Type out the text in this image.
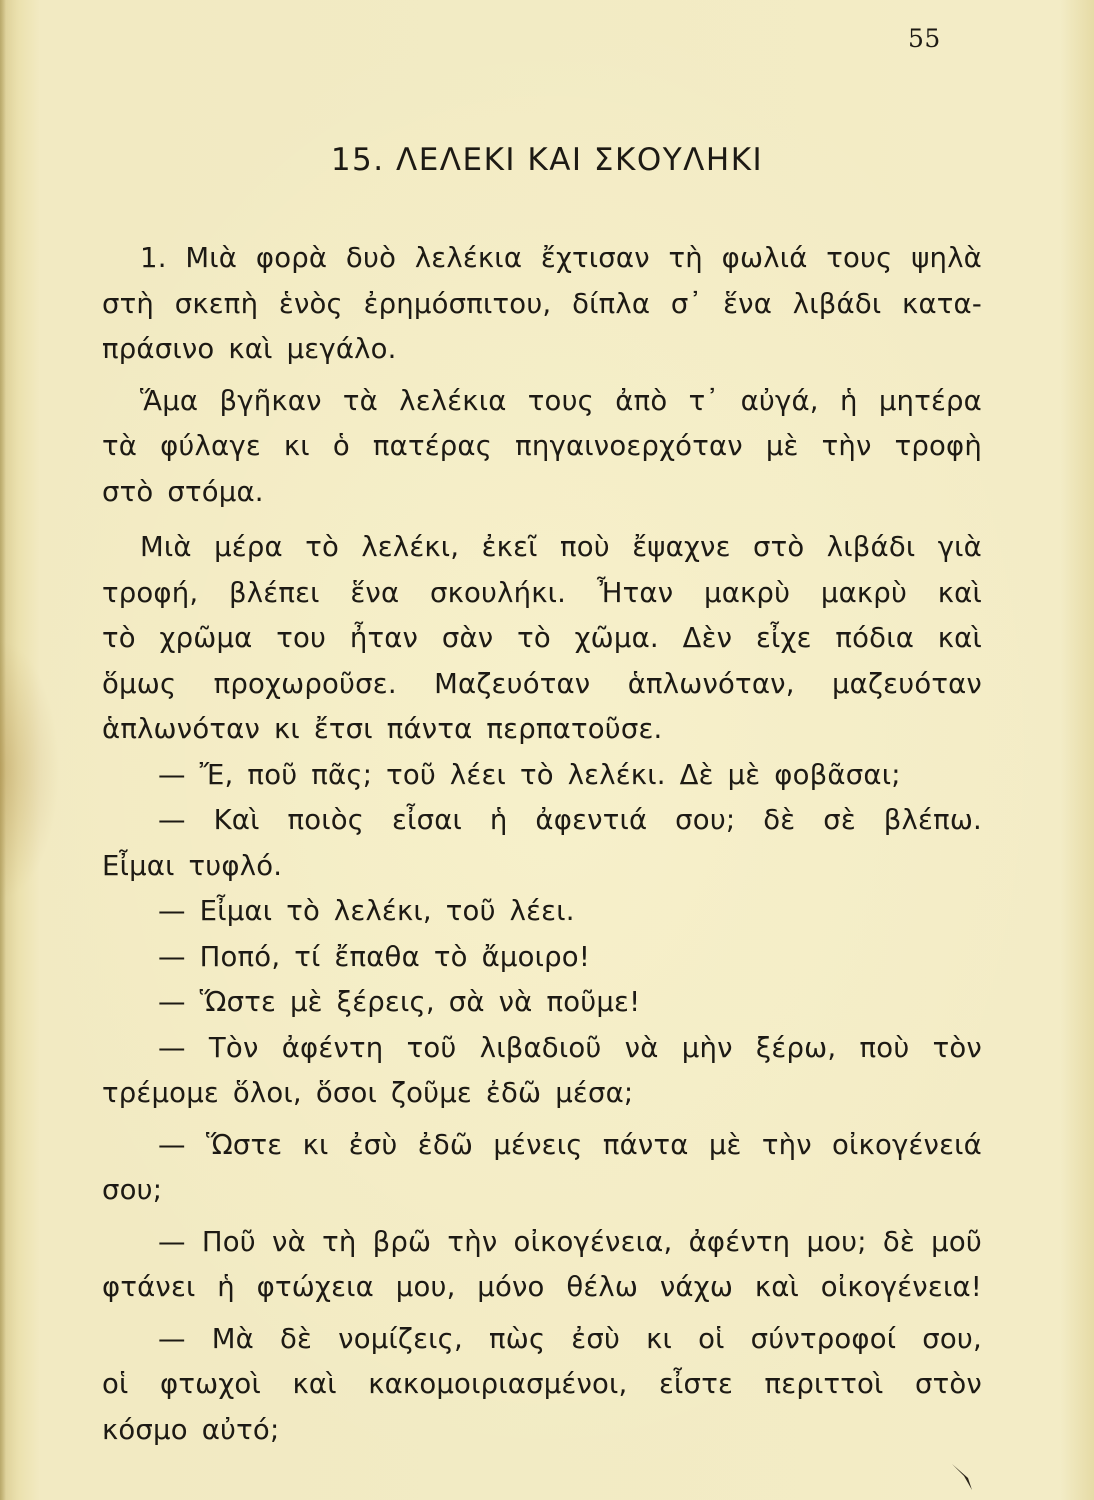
55
15. ΛΕΛΕΚΙ ΚΑΙ ΣΚΟΥΛΗΚΙ
1. Μιὰ φορὰ δυὸ λελέκια ἔχτισαν τὴ φωλιά τους ψηλὰ
στὴ σκεπὴ ἑνὸς ἐρημόσπιτου, δίπλα σ᾿ ἕνα λιβάδι κατα-
πράσινο καὶ μεγάλο.
Ἅμα βγῆκαν τὰ λελέκια τους ἀπὸ τ᾿ αὐγά, ἡ μητέρα
τὰ φύλαγε κι ὁ πατέρας πηγαινοερχόταν μὲ τὴν τροφὴ
στὸ στόμα.
Μιὰ μέρα τὸ λελέκι, ἐκεῖ ποὺ ἔψαχνε στὸ λιβάδι γιὰ
τροφή, βλέπει ἕνα σκουλήκι. Ἦταν μακρὺ μακρὺ καὶ
τὸ χρῶμα του ἦταν σὰν τὸ χῶμα. Δὲν εἶχε πόδια καὶ
ὅμως προχωροῦσε. Μαζευόταν ἁπλωνόταν, μαζευόταν
ἁπλωνόταν κι ἔτσι πάντα περπατοῦσε.
— Ἔ, ποῦ πᾶς; τοῦ λέει τὸ λελέκι. Δὲ μὲ φοβᾶσαι;
— Καὶ ποιὸς εἶσαι ἡ ἀφεντιά σου; δὲ σὲ βλέπω.
Εἶμαι τυφλό.
— Εἶμαι τὸ λελέκι, τοῦ λέει.
— Ποπό, τί ἔπαθα τὸ ἄμοιρο!
— Ὥστε μὲ ξέρεις, σὰ νὰ ποῦμε!
— Τὸν ἀφέντη τοῦ λιβαδιοῦ νὰ μὴν ξέρω, ποὺ τὸν
τρέμομε ὅλοι, ὅσοι ζοῦμε ἐδῶ μέσα;
— Ὥστε κι ἐσὺ ἐδῶ μένεις πάντα μὲ τὴν οἰκογένειά
σου;
— Ποῦ νὰ τὴ βρῶ τὴν οἰκογένεια, ἀφέντη μου; δὲ μοῦ
φτάνει ἡ φτώχεια μου, μόνο θέλω νάχω καὶ οἰκογένεια!
— Μὰ δὲ νομίζεις, πὼς ἐσὺ κι οἱ σύντροφοί σου,
οἱ φτωχοὶ καὶ κακομοιριασμένοι, εἶστε περιττοὶ στὸν
κόσμο αὐτό;
